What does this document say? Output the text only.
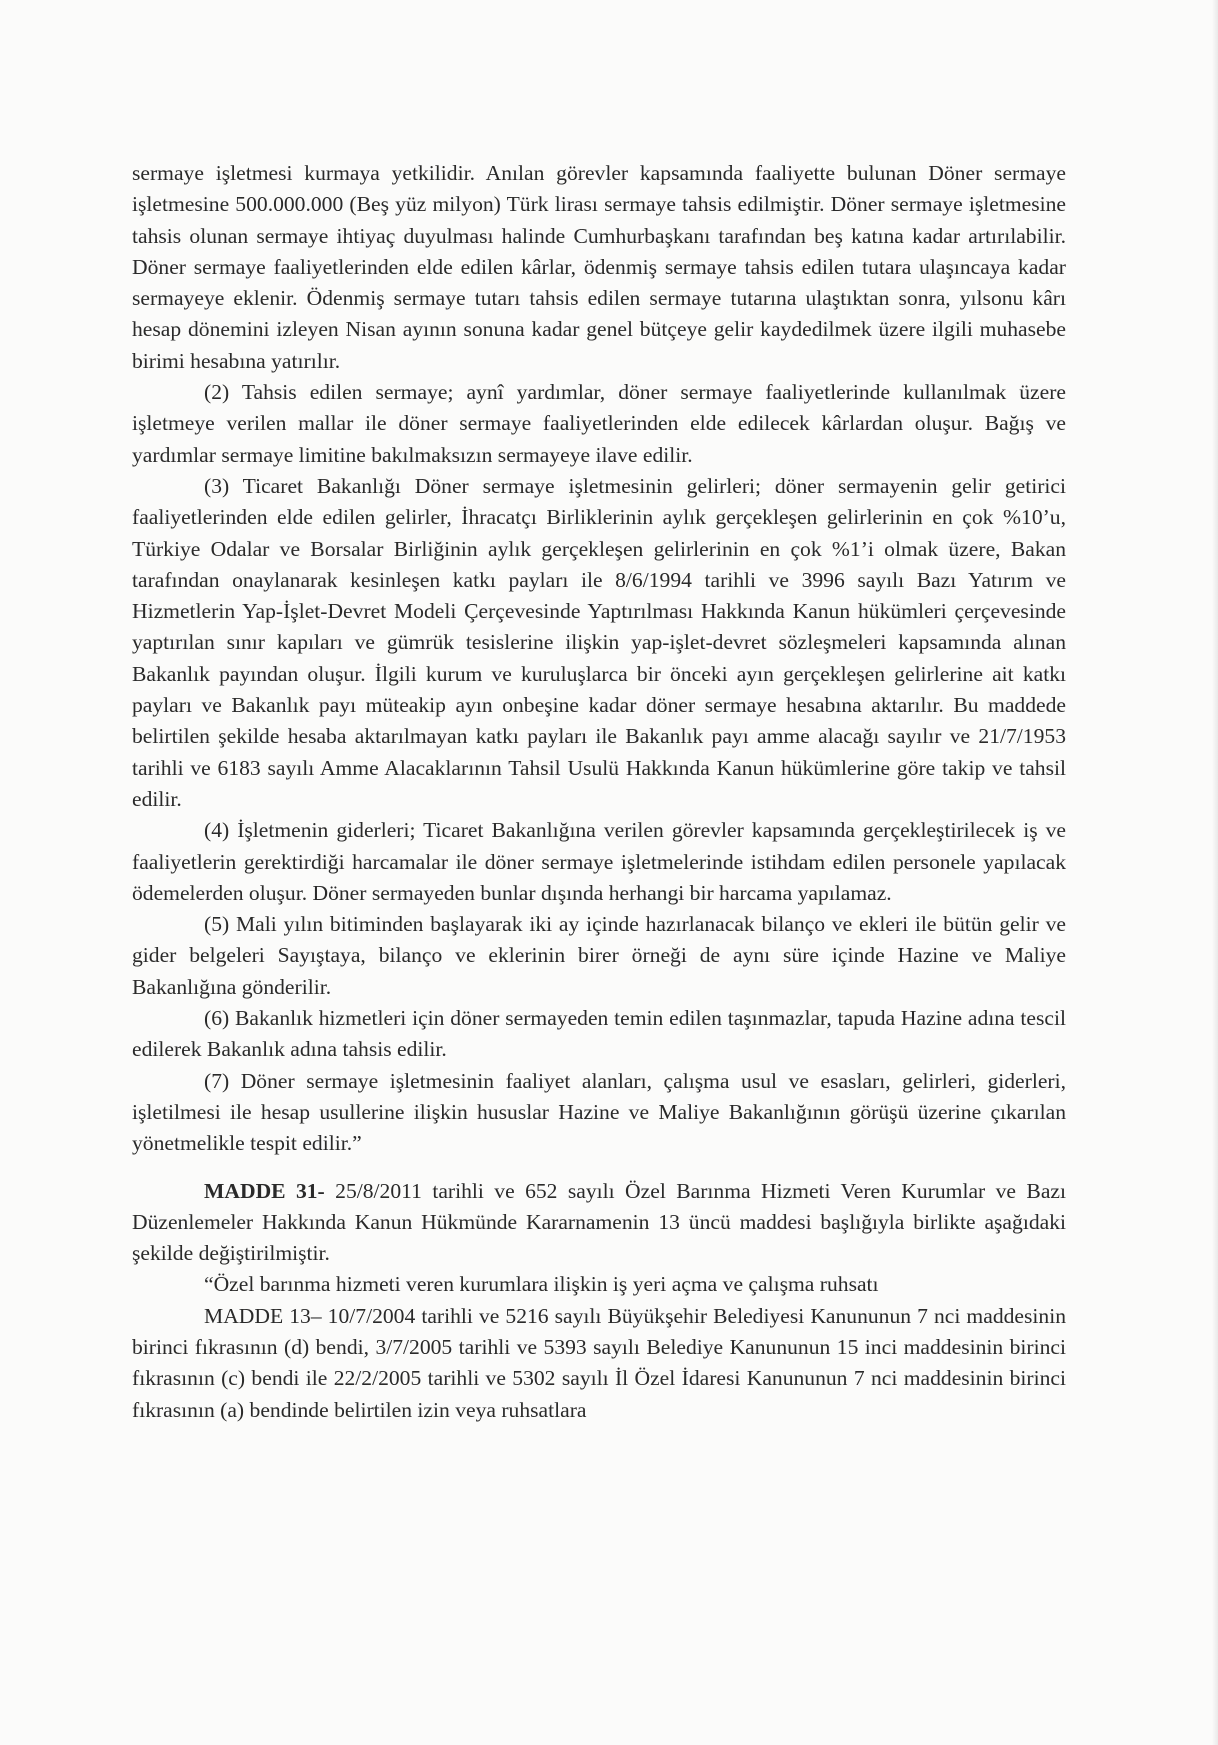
sermaye işletmesi kurmaya yetkilidir. Anılan görevler kapsamında faaliyette bulunan Döner sermaye işletmesine 500.000.000 (Beş yüz milyon) Türk lirası sermaye tahsis edilmiştir. Döner sermaye işletmesine tahsis olunan sermaye ihtiyaç duyulması halinde Cumhurbaşkanı tarafından beş katına kadar artırılabilir. Döner sermaye faaliyetlerinden elde edilen kârlar, ödenmiş sermaye tahsis edilen tutara ulaşıncaya kadar sermayeye eklenir. Ödenmiş sermaye tutarı tahsis edilen sermaye tutarına ulaştıktan sonra, yılsonu kârı hesap dönemini izleyen Nisan ayının sonuna kadar genel bütçeye gelir kaydedilmek üzere ilgili muhasebe birimi hesabına yatırılır.

(2) Tahsis edilen sermaye; aynî yardımlar, döner sermaye faaliyetlerinde kullanılmak üzere işletmeye verilen mallar ile döner sermaye faaliyetlerinden elde edilecek kârlardan oluşur. Bağış ve yardımlar sermaye limitine bakılmaksızın sermayeye ilave edilir.

(3) Ticaret Bakanlığı Döner sermaye işletmesinin gelirleri; döner sermayenin gelir getirici faaliyetlerinden elde edilen gelirler, İhracatçı Birliklerinin aylık gerçekleşen gelirlerinin en çok %10’u, Türkiye Odalar ve Borsalar Birliğinin aylık gerçekleşen gelirlerinin en çok %1’i olmak üzere, Bakan tarafından onaylanarak kesinleşen katkı payları ile 8/6/1994 tarihli ve 3996 sayılı Bazı Yatırım ve Hizmetlerin Yap-İşlet-Devret Modeli Çerçevesinde Yaptırılması Hakkında Kanun hükümleri çerçevesinde yaptırılan sınır kapıları ve gümrük tesislerine ilişkin yap-işlet-devret sözleşmeleri kapsamında alınan Bakanlık payından oluşur. İlgili kurum ve kuruluşlarca bir önceki ayın gerçekleşen gelirlerine ait katkı payları ve Bakanlık payı müteakip ayın onbeşine kadar döner sermaye hesabına aktarılır. Bu maddede belirtilen şekilde hesaba aktarılmayan katkı payları ile Bakanlık payı amme alacağı sayılır ve 21/7/1953 tarihli ve 6183 sayılı Amme Alacaklarının Tahsil Usulü Hakkında Kanun hükümlerine göre takip ve tahsil edilir.

(4) İşletmenin giderleri; Ticaret Bakanlığına verilen görevler kapsamında gerçekleştirilecek iş ve faaliyetlerin gerektirdiği harcamalar ile döner sermaye işletmelerinde istihdam edilen personele yapılacak ödemelerden oluşur. Döner sermayeden bunlar dışında herhangi bir harcama yapılamaz.

(5) Mali yılın bitiminden başlayarak iki ay içinde hazırlanacak bilanço ve ekleri ile bütün gelir ve gider belgeleri Sayıştaya, bilanço ve eklerinin birer örneği de aynı süre içinde Hazine ve Maliye Bakanlığına gönderilir.

(6) Bakanlık hizmetleri için döner sermayeden temin edilen taşınmazlar, tapuda Hazine adına tescil edilerek Bakanlık adına tahsis edilir.

(7) Döner sermaye işletmesinin faaliyet alanları, çalışma usul ve esasları, gelirleri, giderleri, işletilmesi ile hesap usullerine ilişkin hususlar Hazine ve Maliye Bakanlığının görüşü üzerine çıkarılan yönetmelikle tespit edilir.”

MADDE 31- 25/8/2011 tarihli ve 652 sayılı Özel Barınma Hizmeti Veren Kurumlar ve Bazı Düzenlemeler Hakkında Kanun Hükmünde Kararnamenin 13 üncü maddesi başlığıyla birlikte aşağıdaki şekilde değiştirilmiştir.

“Özel barınma hizmeti veren kurumlara ilişkin iş yeri açma ve çalışma ruhsatı

MADDE 13– 10/7/2004 tarihli ve 5216 sayılı Büyükşehir Belediyesi Kanununun 7 nci maddesinin birinci fıkrasının (d) bendi, 3/7/2005 tarihli ve 5393 sayılı Belediye Kanununun 15 inci maddesinin birinci fıkrasının (c) bendi ile 22/2/2005 tarihli ve 5302 sayılı İl Özel İdaresi Kanununun 7 nci maddesinin birinci fıkrasının (a) bendinde belirtilen izin veya ruhsatlara
